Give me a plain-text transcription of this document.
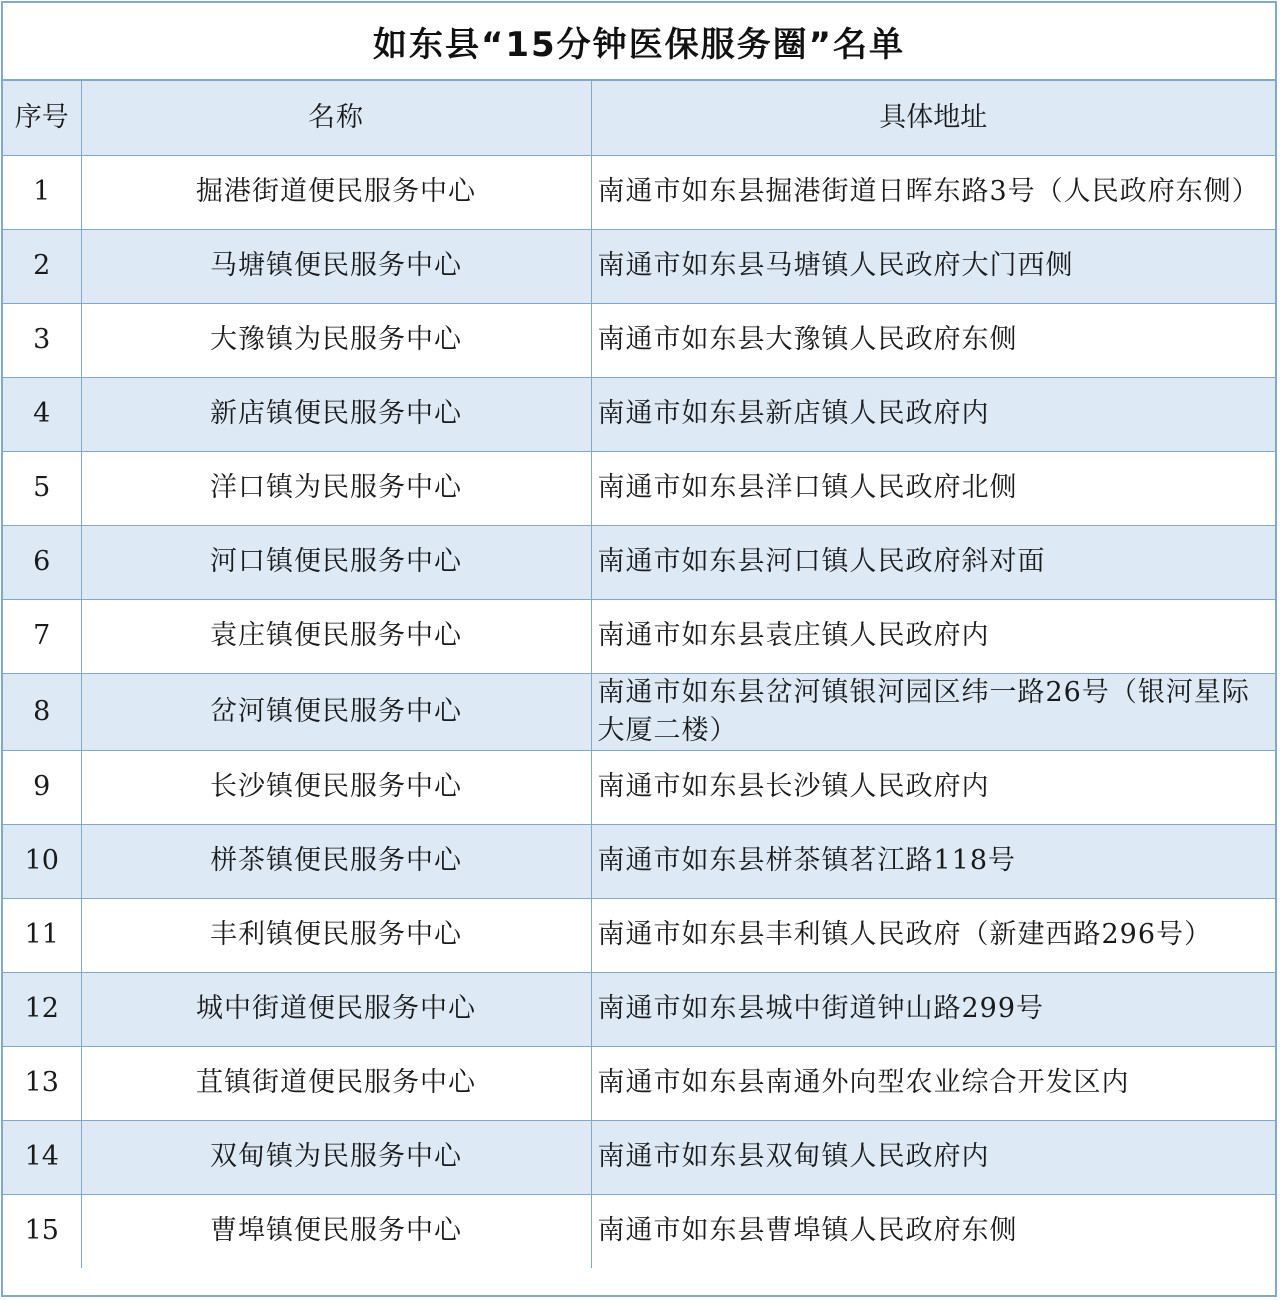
如东县“15分钟医保服务圈”名单
序号	名称	具体地址
1	掘港街道便民服务中心	南通市如东县掘港街道日晖东路3号（人民政府东侧）
2	马塘镇便民服务中心	南通市如东县马塘镇人民政府大门西侧
3	大豫镇为民服务中心	南通市如东县大豫镇人民政府东侧
4	新店镇便民服务中心	南通市如东县新店镇人民政府内
5	洋口镇为民服务中心	南通市如东县洋口镇人民政府北侧
6	河口镇便民服务中心	南通市如东县河口镇人民政府斜对面
7	袁庄镇便民服务中心	南通市如东县袁庄镇人民政府内
8	岔河镇便民服务中心	南通市如东县岔河镇银河园区纬一路26号（银河星际大厦二楼）
9	长沙镇便民服务中心	南通市如东县长沙镇人民政府内
10	栟茶镇便民服务中心	南通市如东县栟茶镇茗江路118号
11	丰利镇便民服务中心	南通市如东县丰利镇人民政府（新建西路296号）
12	城中街道便民服务中心	南通市如东县城中街道钟山路299号
13	苴镇街道便民服务中心	南通市如东县南通外向型农业综合开发区内
14	双甸镇为民服务中心	南通市如东县双甸镇人民政府内
15	曹埠镇便民服务中心	南通市如东县曹埠镇人民政府东侧
